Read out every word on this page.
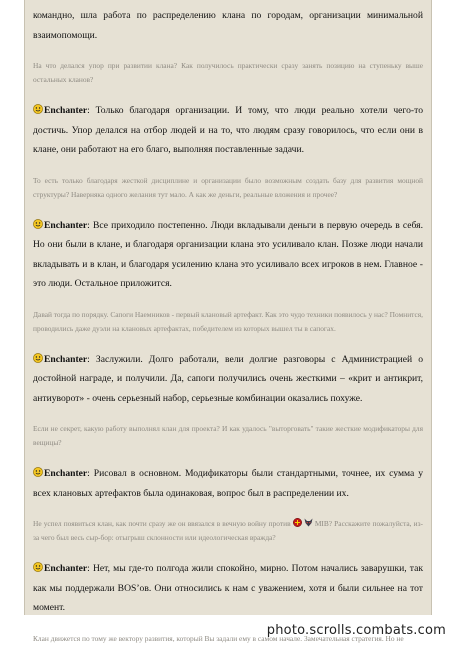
командно, шла работа по распределению клана по городам, организации минимальной взаимопомощи.

На что делался упор при развитии клана? Как получилось практически сразу занять позицию на ступеньку выше остальных кланов?

Enchanter: Только благодаря организации. И тому, что люди реально хотели чего-то достичь. Упор делался на отбор людей и на то, что людям сразу говорилось, что если они в клане, они работают на его благо, выполняя поставленные задачи.

То есть только благодаря жесткой дисциплине и организации было возможным создать базу для развития мощной структуры? Наверняка одного желания тут мало. А как же деньги, реальные вложения и прочее?

Enchanter: Все приходило постепенно. Люди вкладывали деньги в первую очередь в себя. Но они были в клане, и благодаря организации клана это усиливало клан. Позже люди начали вкладывать и в клан, и благодаря усилению клана это усиливало всех игроков в нем. Главное - это люди. Остальное приложится.

Давай тогда по порядку. Сапоги Наемников - первый клановый артефакт. Как это чудо техники появилось у нас? Помнится, проводились даже дуэли на клановых артефактах, победителем из которых вышел ты в сапогах.

Enchanter: Заслужили. Долго работали, вели долгие разговоры с Администрацией о достойной награде, и получили. Да, сапоги получились очень жесткими – «крит и антикрит, антиуворот» - очень серьезный набор, серьезные комбинации оказались похуже.

Если не секрет, какую работу выполнял клан для проекта? И как удалось "выторговать" такие жесткие модификаторы для вещицы?

Enchanter: Рисовал в основном. Модификаторы были стандартными, точнее, их сумма у всех клановых артефактов была одинаковая, вопрос был в распределении их.

Не успел появиться клан, как почти сразу же он ввязался в вечную войну против	MIB? Расскажите пожалуйста, из-за чего был весь сыр-бор: отыгрыш склонности или идеологическая вражда?

Enchanter: Нет, мы где-то полгода жили спокойно, мирно. Потом начались заварушки, так как мы поддержали BOS’ов. Они относились к нам с уважением, хотя и были сильнее на тот момент.

Клан движется по тому же вектору развития, который Вы задали ему в самом начале. Замечательная стратегия. Но не

photo.scrolls.combats.com
